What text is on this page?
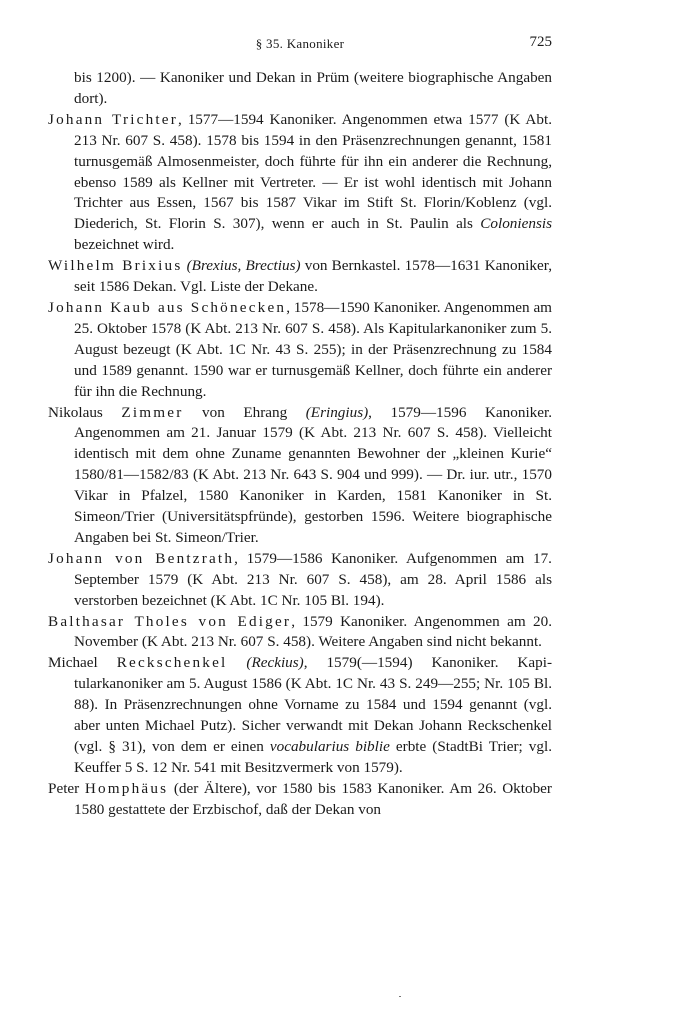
§ 35. Kanoniker	725

bis 1200). — Kanoniker und Dekan in Prüm (weitere biographische Angaben dort).

Johann Trichter, 1577—1594 Kanoniker. Angenommen etwa 1577 (K Abt. 213 Nr. 607 S. 458). 1578 bis 1594 in den Präsenzrechnungen genannt, 1581 turnusgemäß Almosenmeister, doch führte für ihn ein anderer die Rechnung, ebenso 1589 als Kellner mit Vertreter. — Er ist wohl identisch mit Johann Trichter aus Essen, 1567 bis 1587 Vikar im Stift St. Florin/Koblenz (vgl. Diederich, St. Florin S. 307), wenn er auch in St. Paulin als Coloniensis bezeichnet wird.

Wilhelm Brixius (Brexius, Brectius) von Bernkastel. 1578—1631 Kanoniker, seit 1586 Dekan. Vgl. Liste der Dekane.

Johann Kaub aus Schönecken, 1578—1590 Kanoniker. Angenommen am 25. Oktober 1578 (K Abt. 213 Nr. 607 S. 458). Als Kapitularkanoniker zum 5. August bezeugt (K Abt. 1C Nr. 43 S. 255); in der Präsenzrechnung zu 1584 und 1589 genannt. 1590 war er turnusgemäß Kellner, doch führte ein anderer für ihn die Rechnung.

Nikolaus Zimmer von Ehrang (Eringius), 1579—1596 Kanoniker. Angenommen am 21. Januar 1579 (K Abt. 213 Nr. 607 S. 458). Vielleicht identisch mit dem ohne Zuname genannten Bewohner der „kleinen Kurie“ 1580/81—1582/83 (K Abt. 213 Nr. 643 S. 904 und 999). — Dr. iur. utr., 1570 Vikar in Pfalzel, 1580 Kanoniker in Karden, 1581 Kanoniker in St. Simeon/Trier (Universitätspfründe), gestorben 1596. Weitere biographische Angaben bei St. Simeon/Trier.

Johann von Bentzrath, 1579—1586 Kanoniker. Aufgenommen am 17. September 1579 (K Abt. 213 Nr. 607 S. 458), am 28. April 1586 als verstorben bezeichnet (K Abt. 1C Nr. 105 Bl. 194).

Balthasar Tholes von Ediger, 1579 Kanoniker. Angenommen am 20. November (K Abt. 213 Nr. 607 S. 458). Weitere Angaben sind nicht bekannt.

Michael Reckschenkel (Reckius), 1579(—1594) Kanoniker. Kapitularkanoniker am 5. August 1586 (K Abt. 1C Nr. 43 S. 249—255; Nr. 105 Bl. 88). In Präsenzrechnungen ohne Vorname zu 1584 und 1594 genannt (vgl. aber unten Michael Putz). Sicher verwandt mit Dekan Johann Reckschenkel (vgl. § 31), von dem er einen vocabularius biblie erbte (StadtBi Trier; vgl. Keuffer 5 S. 12 Nr. 541 mit Besitzvermerk von 1579).

Peter Homphäus (der Ältere), vor 1580 bis 1583 Kanoniker. Am 26. Oktober 1580 gestattete der Erzbischof, daß der Dekan von
